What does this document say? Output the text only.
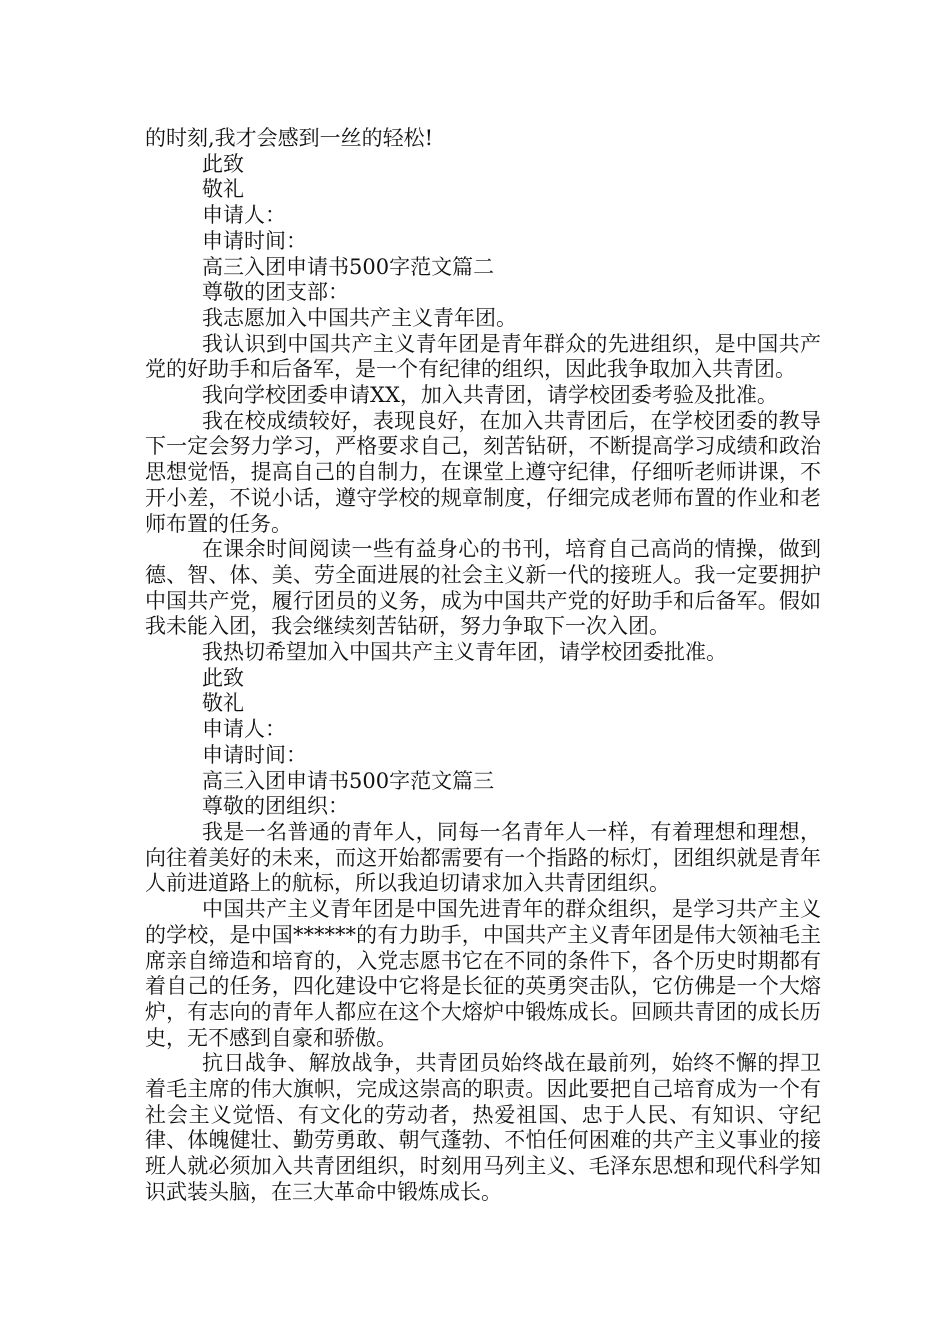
的时刻,我才会感到一丝的轻松!

此致

敬礼

申请人：

申请时间：

高三入团申请书500字范文篇二

尊敬的团支部：

我志愿加入中国共产主义青年团。

我认识到中国共产主义青年团是青年群众的先进组织，是中国共产党的好助手和后备军，是一个有纪律的组织，因此我争取加入共青团。

我向学校团委申请XX，加入共青团，请学校团委考验及批准。

我在校成绩较好，表现良好，在加入共青团后，在学校团委的教导下一定会努力学习，严格要求自己，刻苦钻研，不断提高学习成绩和政治思想觉悟，提高自己的自制力，在课堂上遵守纪律，仔细听老师讲课，不开小差，不说小话，遵守学校的规章制度，仔细完成老师布置的作业和老师布置的任务。

在课余时间阅读一些有益身心的书刊，培育自己高尚的情操，做到德、智、体、美、劳全面进展的社会主义新一代的接班人。我一定要拥护中国共产党，履行团员的义务，成为中国共产党的好助手和后备军。假如我未能入团，我会继续刻苦钻研，努力争取下一次入团。

我热切希望加入中国共产主义青年团，请学校团委批准。

此致

敬礼

申请人：

申请时间：

高三入团申请书500字范文篇三

尊敬的团组织：

我是一名普通的青年人，同每一名青年人一样，有着理想和理想，向往着美好的未来，而这开始都需要有一个指路的标灯，团组织就是青年人前进道路上的航标，所以我迫切请求加入共青团组织。

中国共产主义青年团是中国先进青年的群众组织，是学习共产主义的学校，是中国******的有力助手，中国共产主义青年团是伟大领袖毛主席亲自缔造和培育的，入党志愿书它在不同的条件下，各个历史时期都有着自己的任务，四化建设中它将是长征的英勇突击队，它仿佛是一个大熔炉，有志向的青年人都应在这个大熔炉中锻炼成长。回顾共青团的成长历史，无不感到自豪和骄傲。

抗日战争、解放战争，共青团员始终战在最前列，始终不懈的捍卫着毛主席的伟大旗帜，完成这崇高的职责。因此要把自己培育成为一个有社会主义觉悟、有文化的劳动者，热爱祖国、忠于人民、有知识、守纪律、体魄健壮、勤劳勇敢、朝气蓬勃、不怕任何困难的共产主义事业的接班人就必须加入共青团组织，时刻用马列主义、毛泽东思想和现代科学知识武装头脑，在三大革命中锻炼成长。
